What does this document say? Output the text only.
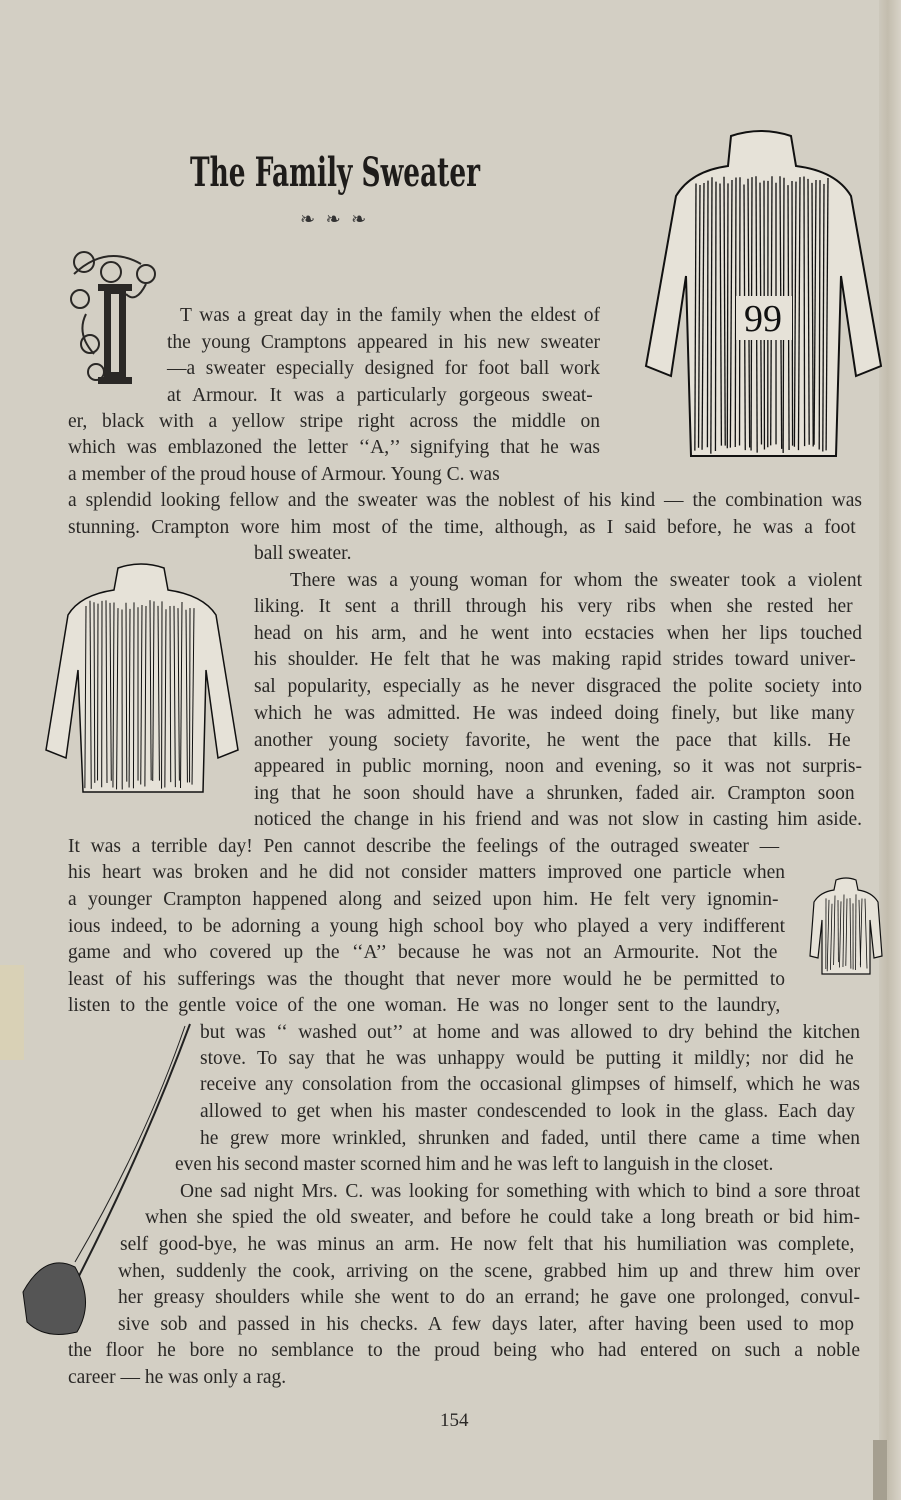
The Family Sweater
❧ ❧ ❧
99
T was a great day in the family when the eldest of
the young Cramptons appeared in his new sweater
—a sweater especially designed for foot ball work
at Armour. It was a particularly gorgeous sweat-
er, black with a yellow stripe right across the middle on
which was emblazoned the letter ‘‘A,’’ signifying that he was
a member of the proud house of Armour. Young C. was
a splendid looking fellow and the sweater was the noblest of his kind — the combination was
stunning. Crampton wore him most of the time, although, as I said before, he was a foot
ball sweater.
There was a young woman for whom the sweater took a violent
liking. It sent a thrill through his very ribs when she rested her
head on his arm, and he went into ecstacies when her lips touched
his shoulder. He felt that he was making rapid strides toward univer-
sal popularity, especially as he never disgraced the polite society into
which he was admitted. He was indeed doing finely, but like many
another young society favorite, he went the pace that kills. He
appeared in public morning, noon and evening, so it was not surpris-
ing that he soon should have a shrunken, faded air. Crampton soon
noticed the change in his friend and was not slow in casting him aside.
It was a terrible day! Pen cannot describe the feelings of the outraged sweater —
his heart was broken and he did not consider matters improved one particle when
a younger Crampton happened along and seized upon him. He felt very ignomin-
ious indeed, to be adorning a young high school boy who played a very indifferent
game and who covered up the ‘‘A’’ because he was not an Armourite. Not the
least of his sufferings was the thought that never more would he be permitted to
listen to the gentle voice of the one woman. He was no longer sent to the laundry,
but was ‘‘ washed out’’ at home and was allowed to dry behind the kitchen
stove. To say that he was unhappy would be putting it mildly; nor did he
receive any consolation from the occasional glimpses of himself, which he was
allowed to get when his master condescended to look in the glass. Each day
he grew more wrinkled, shrunken and faded, until there came a time when
even his second master scorned him and he was left to languish in the closet.
One sad night Mrs. C. was looking for something with which to bind a sore throat
when she spied the old sweater, and before he could take a long breath or bid him-
self good-bye, he was minus an arm. He now felt that his humiliation was complete,
when, suddenly the cook, arriving on the scene, grabbed him up and threw him over
her greasy shoulders while she went to do an errand; he gave one prolonged, convul-
sive sob and passed in his checks. A few days later, after having been used to mop
the floor he bore no semblance to the proud being who had entered on such a noble
career — he was only a rag.
154
